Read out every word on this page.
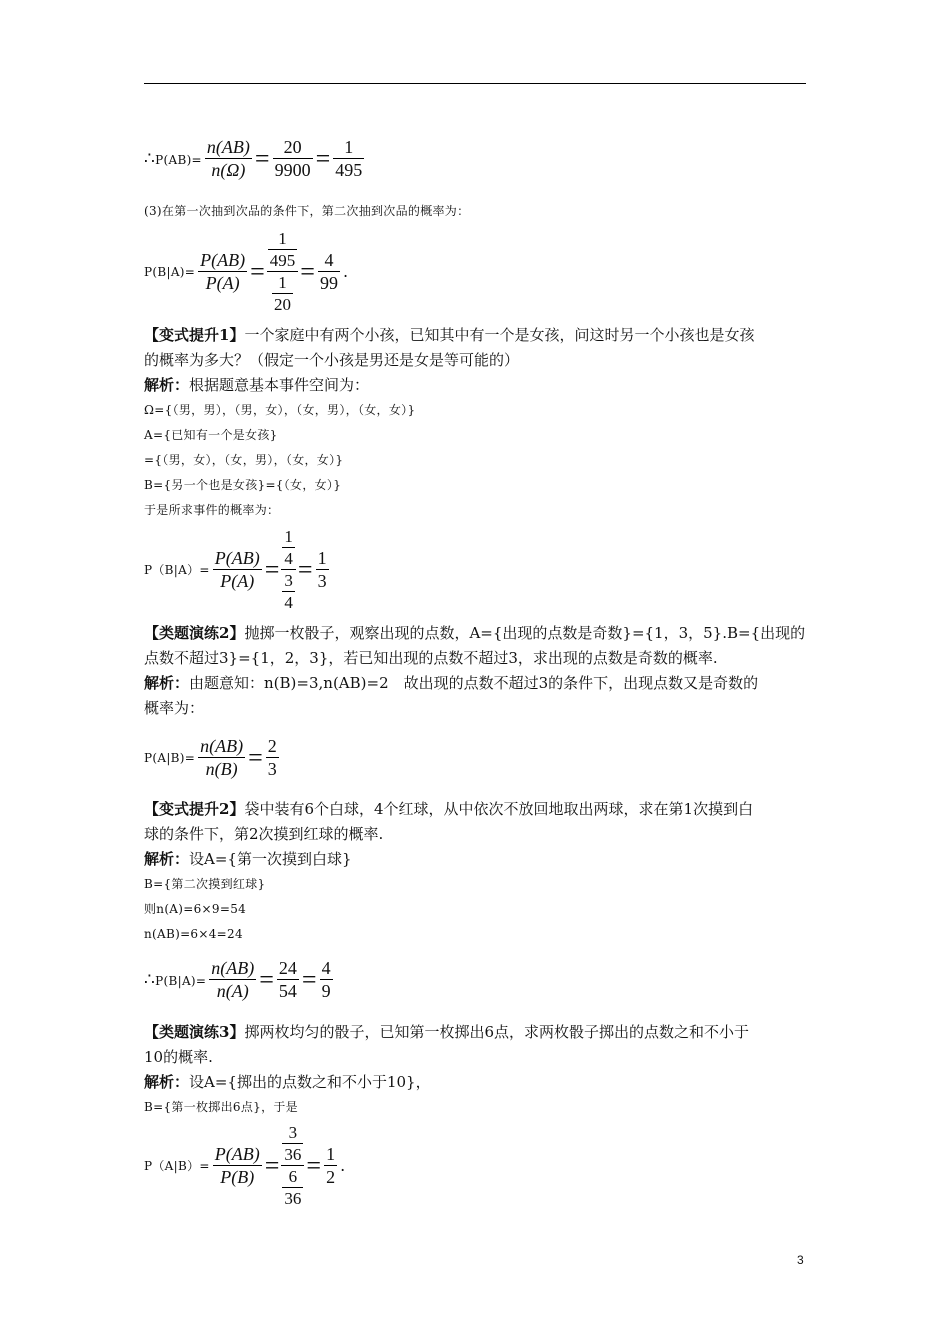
∴P(AB)= $\frac{n(AB)}{n(\Omega)} = \frac{20}{9900} = \frac{1}{495}$
(3)在第一次抽到次品的条件下，第二次抽到次品的概率为：
$P(B|A)= \frac{P(AB)}{P(A)} = \frac{1}{495}$
$\frac{1}{20}$
= $\frac{4}{99}$ .
【变式提升1】一个家庭中有两个小孩，已知其中有一个是女孩，问这时另一个小孩也是女孩
的概率为多大？（假定一个小孩是男还是女是等可能的）
解析：根据题意基本事件空间为：
Ω={（男，男），（男，女），（女，男），（女，女）}
A={已知有一个是女孩}
={（男，女），（女，男），（女，女）}
B={另一个也是女孩}={（女，女）}
于是所求事件的概率为：
$P(B|A)= \frac{P(AB)}{P(A)} = \frac{1}{4}$
$\frac{3}{4}$
= $\frac{1}{3}$
【类题演练2】抛掷一枚骰子，观察出现的点数，A={出现的点数是奇数}={1，3，5}.B={出现的
点数不超过3}={1，2，3}，若已知出现的点数不超过3，求出现的点数是奇数的概率.
解析：由题意知：n(B)=3,n(AB)=2　故出现的点数不超过3的条件下，出现点数又是奇数的
概率为：
$P(A|B)= \frac{n(AB)}{n(B)} = \frac{2}{3}$
【变式提升2】袋中装有6个白球，4个红球，从中依次不放回地取出两球，求在第1次摸到白
球的条件下，第2次摸到红球的概率.
解析：设A={第一次摸到白球}
B={第二次摸到红球}
则n(A)=6×9=54
n(AB)=6×4=24
∴P(B|A)= $\frac{n(AB)}{n(A)} = \frac{24}{54} = \frac{4}{9}$
【类题演练3】掷两枚均匀的骰子，已知第一枚掷出6点，求两枚骰子掷出的点数之和不小于
10的概率.
解析：设A={掷出的点数之和不小于10}，
B={第一枚掷出6点}，于是
$P(A|B)= \frac{P(AB)}{P(B)} = \frac{3}{36}$
$\frac{6}{36}$
= $\frac{1}{2}$ .
3
